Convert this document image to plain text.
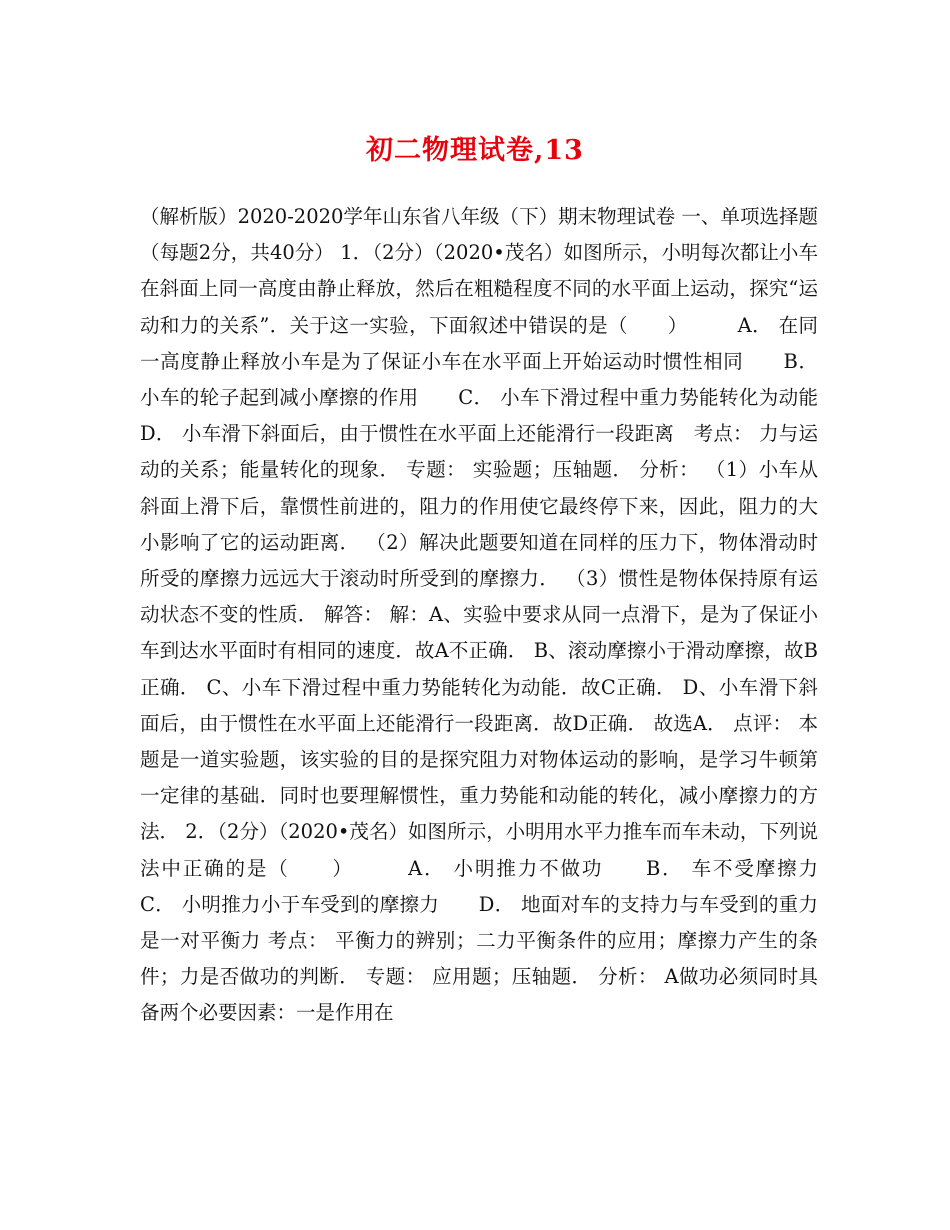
初二物理试卷,13

（解析版）2020-2020学年山东省八年级（下）期末物理试卷 一、单项选择题（每题2分，共40分） 1．（2分）（2020•茂名）如图所示，小明每次都让小车在斜面上同一高度由静止释放，然后在粗糙程度不同的水平面上运动，探究“运动和力的关系”．关于这一实验，下面叙述中错误的是（　　）　　　A． 在同一高度静止释放小车是为了保证小车在水平面上开始运动时惯性相同　　B． 小车的轮子起到减小摩擦的作用　　C． 小车下滑过程中重力势能转化为动能　　D． 小车滑下斜面后，由于惯性在水平面上还能滑行一段距离　考点： 力与运动的关系；能量转化的现象． 专题： 实验题；压轴题． 分析： （1）小车从斜面上滑下后，靠惯性前进的，阻力的作用使它最终停下来，因此，阻力的大小影响了它的运动距离． （2）解决此题要知道在同样的压力下，物体滑动时所受的摩擦力远远大于滚动时所受到的摩擦力． （3）惯性是物体保持原有运动状态不变的性质． 解答： 解：A、实验中要求从同一点滑下，是为了保证小车到达水平面时有相同的速度．故A不正确． B、滚动摩擦小于滑动摩擦，故B正确． C、小车下滑过程中重力势能转化为动能．故C正确． D、小车滑下斜面后，由于惯性在水平面上还能滑行一段距离．故D正确． 故选A． 点评： 本题是一道实验题，该实验的目的是探究阻力对物体运动的影响，是学习牛顿第一定律的基础．同时也要理解惯性，重力势能和动能的转化，减小摩擦力的方法． 2．（2分）（2020•茂名）如图所示，小明用水平力推车而车未动，下列说法中正确的是（　　）　　　A． 小明推力不做功　　B． 车不受摩擦力　　C． 小明推力小于车受到的摩擦力　　D． 地面对车的支持力与车受到的重力是一对平衡力 考点： 平衡力的辨别；二力平衡条件的应用；摩擦力产生的条件；力是否做功的判断． 专题： 应用题；压轴题． 分析： A做功必须同时具备两个必要因素：一是作用在
